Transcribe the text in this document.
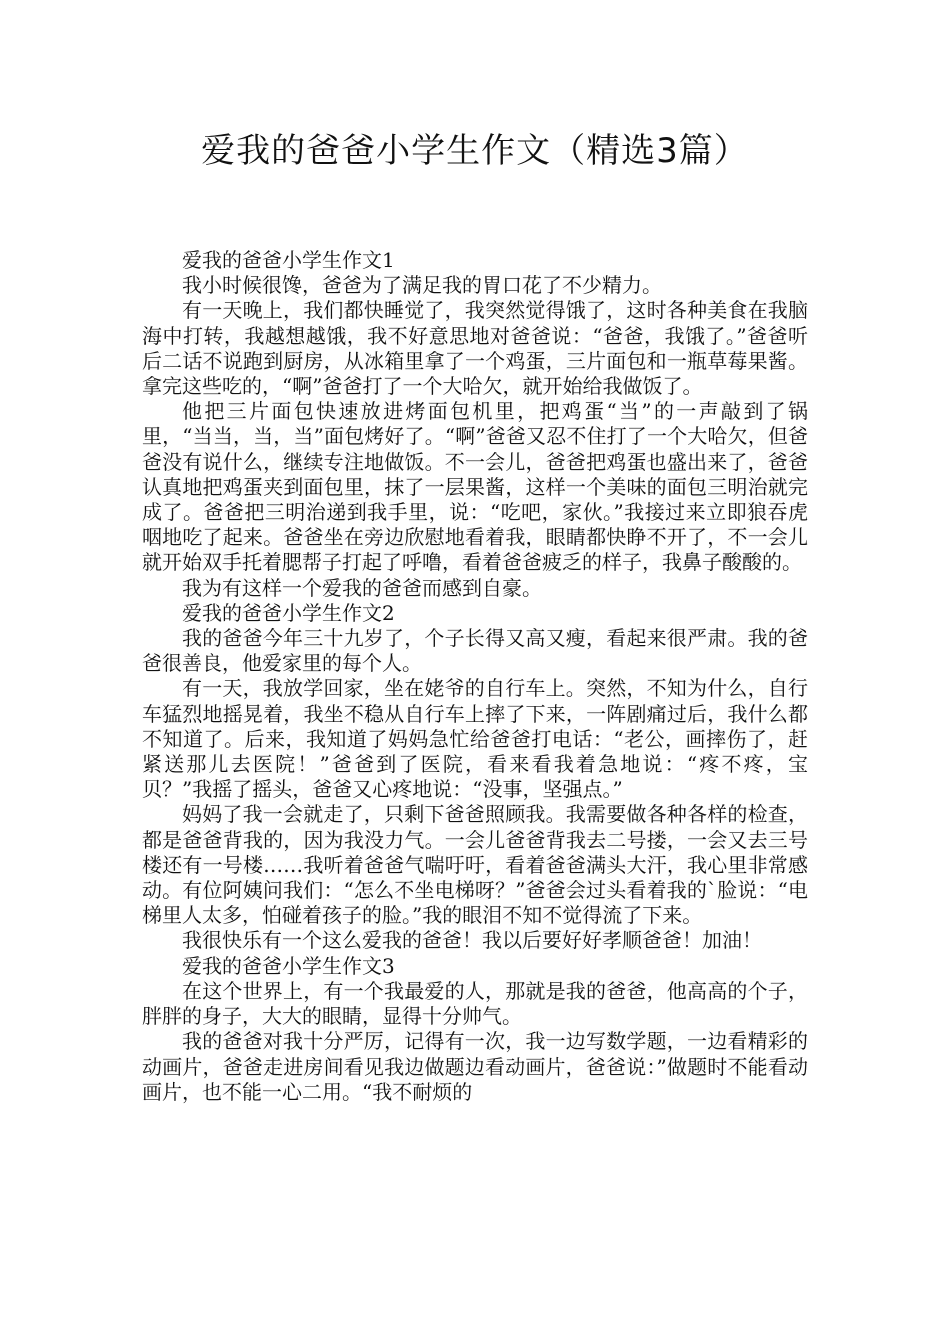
爱我的爸爸小学生作文（精选3篇）

爱我的爸爸小学生作文1

我小时候很馋，爸爸为了满足我的胃口花了不少精力。

有一天晚上，我们都快睡觉了，我突然觉得饿了，这时各种美食在我脑海中打转，我越想越饿，我不好意思地对爸爸说：“爸爸，我饿了。”爸爸听后二话不说跑到厨房，从冰箱里拿了一个鸡蛋，三片面包和一瓶草莓果酱。拿完这些吃的，“啊”爸爸打了一个大哈欠，就开始给我做饭了。

他把三片面包快速放进烤面包机里，把鸡蛋“当”的一声敲到了锅里，“当当，当，当”面包烤好了。“啊”爸爸又忍不住打了一个大哈欠，但爸爸没有说什么，继续专注地做饭。不一会儿，爸爸把鸡蛋也盛出来了，爸爸认真地把鸡蛋夹到面包里，抹了一层果酱，这样一个美味的面包三明治就完成了。爸爸把三明治递到我手里，说：“吃吧，家伙。”我接过来立即狼吞虎咽地吃了起来。爸爸坐在旁边欣慰地看着我，眼睛都快睁不开了，不一会儿就开始双手托着腮帮子打起了呼噜，看着爸爸疲乏的样子，我鼻子酸酸的。

我为有这样一个爱我的爸爸而感到自豪。

爱我的爸爸小学生作文2

我的爸爸今年三十九岁了，个子长得又高又瘦，看起来很严肃。我的爸爸很善良，他爱家里的每个人。

有一天，我放学回家，坐在姥爷的自行车上。突然，不知为什么，自行车猛烈地摇晃着，我坐不稳从自行车上摔了下来，一阵剧痛过后，我什么都不知道了。后来，我知道了妈妈急忙给爸爸打电话：“老公，画摔伤了，赶紧送那儿去医院！”爸爸到了医院，看来看我着急地说：“疼不疼，宝贝？”我摇了摇头，爸爸又心疼地说：“没事，坚强点。”

妈妈了我一会就走了，只剩下爸爸照顾我。我需要做各种各样的检查，都是爸爸背我的，因为我没力气。一会儿爸爸背我去二号搂，一会又去三号楼还有一号楼……我听着爸爸气喘吁吁，看着爸爸满头大汗，我心里非常感动。有位阿姨问我们：“怎么不坐电梯呀？”爸爸会过头看着我的`脸说：“电梯里人太多，怕碰着孩子的脸。”我的眼泪不知不觉得流了下来。

我很快乐有一个这么爱我的爸爸！我以后要好好孝顺爸爸！加油！

爱我的爸爸小学生作文3

在这个世界上，有一个我最爱的人，那就是我的爸爸，他高高的个子，胖胖的身子，大大的眼睛，显得十分帅气。

我的爸爸对我十分严厉，记得有一次，我一边写数学题，一边看精彩的动画片，爸爸走进房间看见我边做题边看动画片，爸爸说：”做题时不能看动画片，也不能一心二用。“我不耐烦的
